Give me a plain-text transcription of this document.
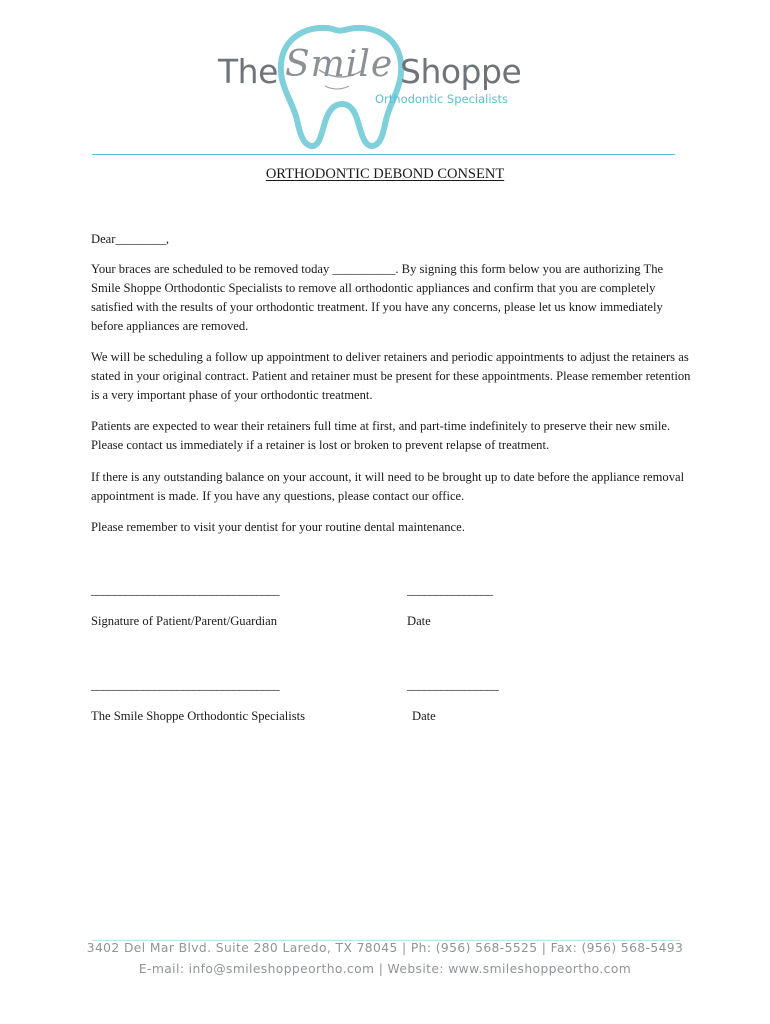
The Smile Shoppe
Orthodontic Specialists
ORTHODONTIC DEBOND CONSENT

Dear________,

Your braces are scheduled to be removed today __________. By signing this form below you are authorizing The Smile Shoppe Orthodontic Specialists to remove all orthodontic appliances and confirm that you are completely satisfied with the results of your orthodontic treatment. If you have any concerns, please let us know immediately before appliances are removed.

We will be scheduling a follow up appointment to deliver retainers and periodic appointments to adjust the retainers as stated in your original contract. Patient and retainer must be present for these appointments. Please remember retention is a very important phase of your orthodontic treatment.

Patients are expected to wear their retainers full time at first, and part-time indefinitely to preserve their new smile. Please contact us immediately if a retainer is lost or broken to prevent relapse of treatment.

If there is any outstanding balance on your account, it will need to be brought up to date before the appliance removal appointment is made. If you have any questions, please contact our office.

Please remember to visit your dentist for your routine dental maintenance.

_________________________________	_______________
Signature of Patient/Parent/Guardian	Date
_________________________________	________________
The Smile Shoppe Orthodontic Specialists	Date
3402 Del Mar Blvd. Suite 280 Laredo, TX 78045 | Ph: (956) 568-5525 | Fax: (956) 568-5493
E-mail: info@smileshoppeortho.com | Website: www.smileshoppeortho.com
